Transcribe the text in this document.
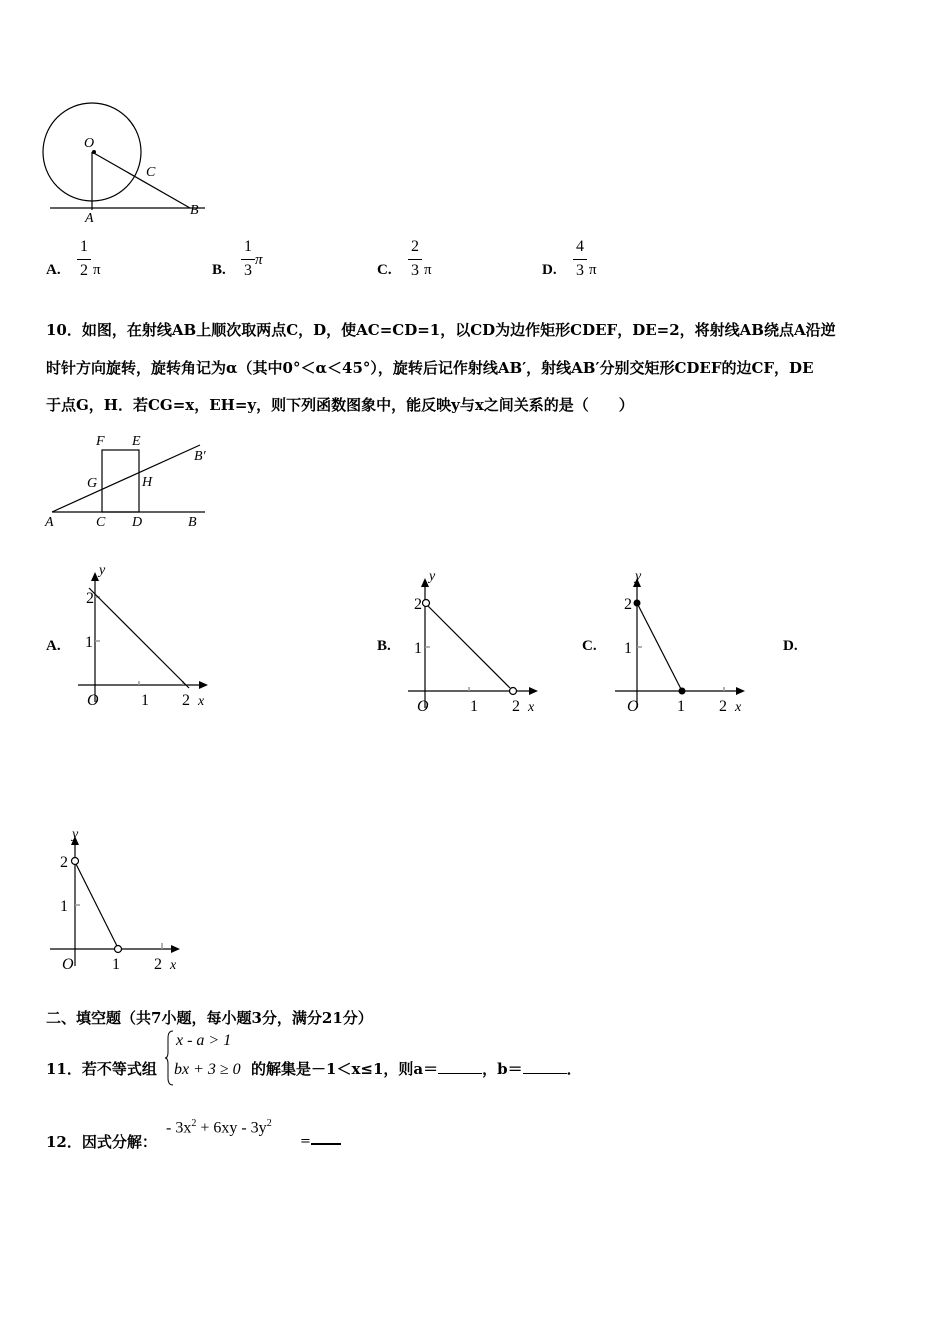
O
C
A
B
A.
1
2 π	B.
1
3
π
C.
2
3 π	D.
4
3 π
10．如图，在射线AB上顺次取两点C，D，使AC=CD=1，以CD为边作矩形CDEF，DE=2，将射线AB绕点A沿逆
时针方向旋转，旋转角记为α（其中0°＜α＜45°），旋转后记作射线AB′，射线AB′分别交矩形CDEF的边CF，DE
于点G，H．若CG=x，EH=y，则下列函数图象中，能反映y与x之间关系的是（　　）
F E
B′
G	H
A	C D	B
A.	B.	C.	D.
y
2
1
O	1 2 x
y
2
1
O	1 2 x
y
2
1
O 1 2 x
y
2
1
O 1 2 x
二、填空题（共7小题，每小题3分，满分21分）
11．若不等式组
x - a > 1
bx + 3 ≥ 0 的解集是－1＜x≤1，则a＝	，b＝	．
12．因式分解：
- $3x^2 + 6xy - 3y^2$
=
